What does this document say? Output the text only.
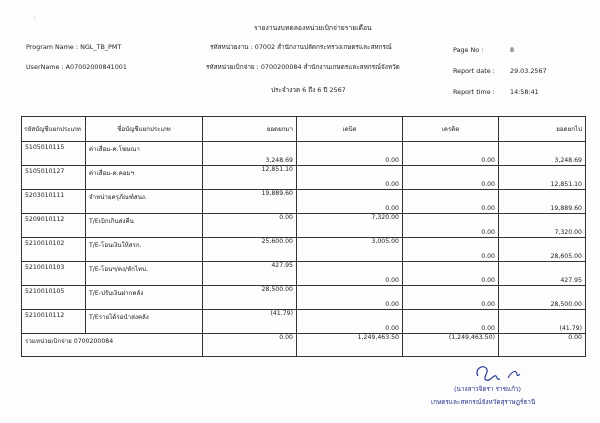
·
รายงานงบทดลองหน่วยเบิกจ่ายรายเดือน
Program Name : NGL_TB_PMT	รหัสหน่วยงาน : 07002 สำนักงานปลัดกระทรวงเกษตรและสหกรณ์	Page No :	8
UserName : A07002000841001	รหัสหน่วยเบิกจ่าย : 0700200084 สำนักงานเกษตรและสหกรณ์จังหวัด	Report date : 29.03.2567
ประจำงวด 6 ถึง 6 ปี 2567	Report time : 14:58:41
รหัสบัญชีแยกประเภท	ชื่อบัญชีแยกประเภท	ยอดยกมา	เดบิต	เครดิต	ยอดยกไป
5105010115	ค่าเสื่อม-ค.โฆษณา	3,248.69	0.00	0.00	3,248.69
5105010127	ค่าเสื่อม-ค.คอมฯ	12,851.10	0.00	0.00	12,851.10
5203010111	จำหน่ายครุภัณฑ์สนง.	19,889.60	0.00	0.00	19,889.60
5209010112	T/Eเบิกเกินส่งคืน	0.00	7,320.00	0.00	7,320.00
5210010102	T/E-โอนเงินให้สรก.	25,600.00	3,005.00	0.00	28,605.00
5210010103	T/E-โอนฯ/คง/หักไทบ.	427.95	0.00	0.00	427.95
5210010105	T/E-ปรับเงินฝากคลัง	28,500.00	0.00	0.00	28,500.00
5210010112	T/Eรายได้รอนำส่งคลัง	(41.79)	0.00	0.00	(41.79)
รวมหน่วยเบิกจ่าย 0700200084		0.00	1,249,463.50	(1,249,463.50)	0.00
(นางสาวจิตรา ราชแก้ว)
เกษตรและสหกรณ์จังหวัดสุราษฎร์ธานี
